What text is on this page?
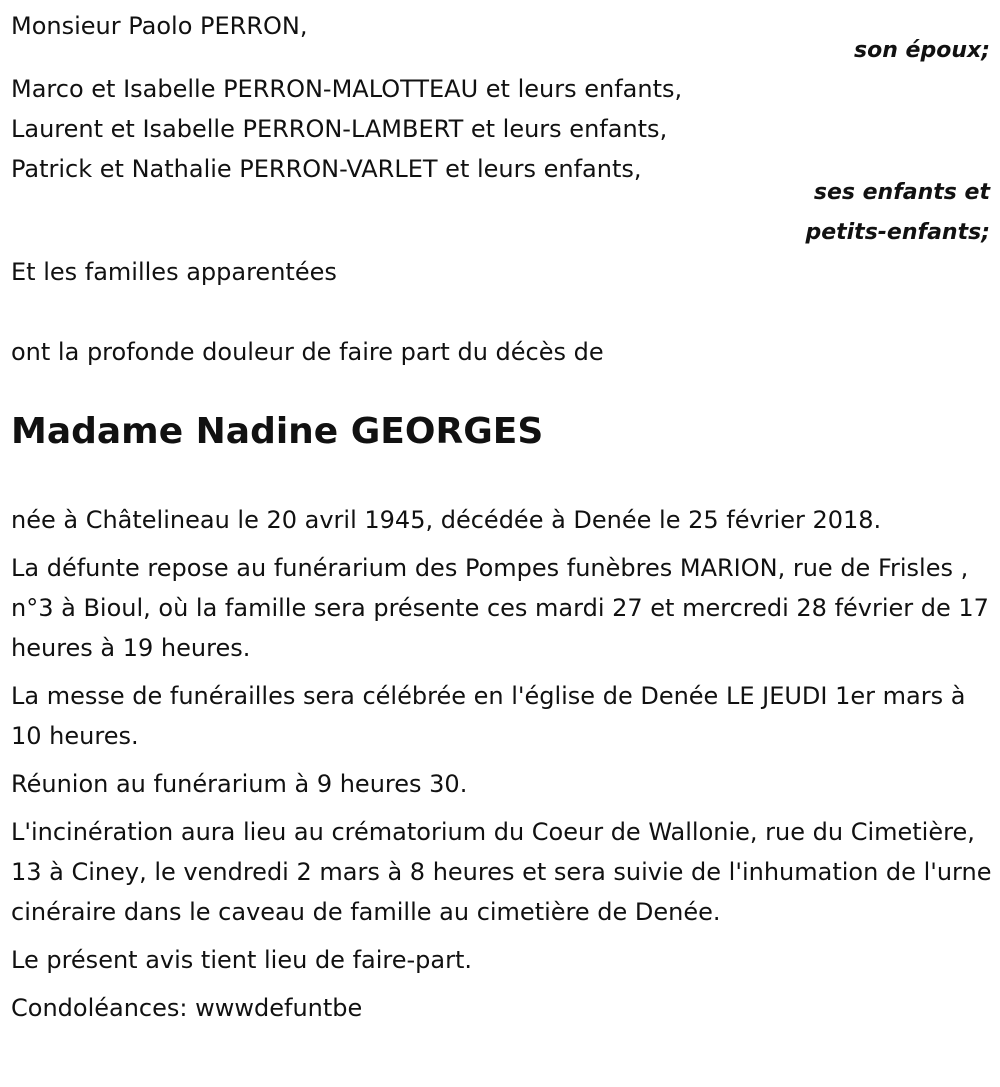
Monsieur Paolo PERRON,
son époux;
Marco et Isabelle PERRON-MALOTTEAU et leurs enfants,
Laurent et Isabelle PERRON-LAMBERT et leurs enfants,
Patrick et Nathalie PERRON-VARLET et leurs enfants,
ses enfants et
petits-enfants;
Et les familles apparentées
ont la profonde douleur de faire part du décès de
Madame Nadine GEORGES

née à Châtelineau le 20 avril 1945, décédée à Denée le 25 février 2018.

La défunte repose au funérarium des Pompes funèbres MARION, rue de Frisles , n°3 à Bioul, où la famille sera présente ces mardi 27 et mercredi 28 février de 17 heures à 19 heures.

La messe de funérailles sera célébrée en l'église de Denée LE JEUDI 1er mars à 10 heures.

Réunion au funérarium à 9 heures 30.

L'incinération aura lieu au crématorium du Coeur de Wallonie, rue du Cimetière, 13 à Ciney, le vendredi 2 mars à 8 heures et sera suivie de l'inhumation de l'urne cinéraire dans le caveau de famille au cimetière de Denée.

Le présent avis tient lieu de faire-part.

Condoléances: wwwdefuntbe
